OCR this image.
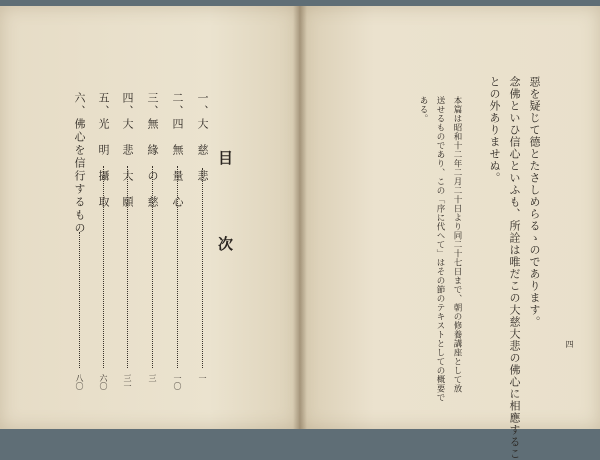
惡を疑じて德とたさしめらるゝのであります。
念佛といひ信心といふも、所詮は唯だこの大慈大悲の佛心に相應するこ
との外ありませぬ。
本篇は昭和十二年二月二十日より同二十七日まで、朝の修養講座として放
送せるものであり、この「序に代へて」はその節のテキストとしての概要で
ある。
四
目　次
一、大　慈　悲
一
二、四　無　量　心
一〇
三、無　緣　の　慈
三
四、大　悲　大　願
三一
五、光　明　攝　取
六〇
六、佛心を信行するもの
八〇
